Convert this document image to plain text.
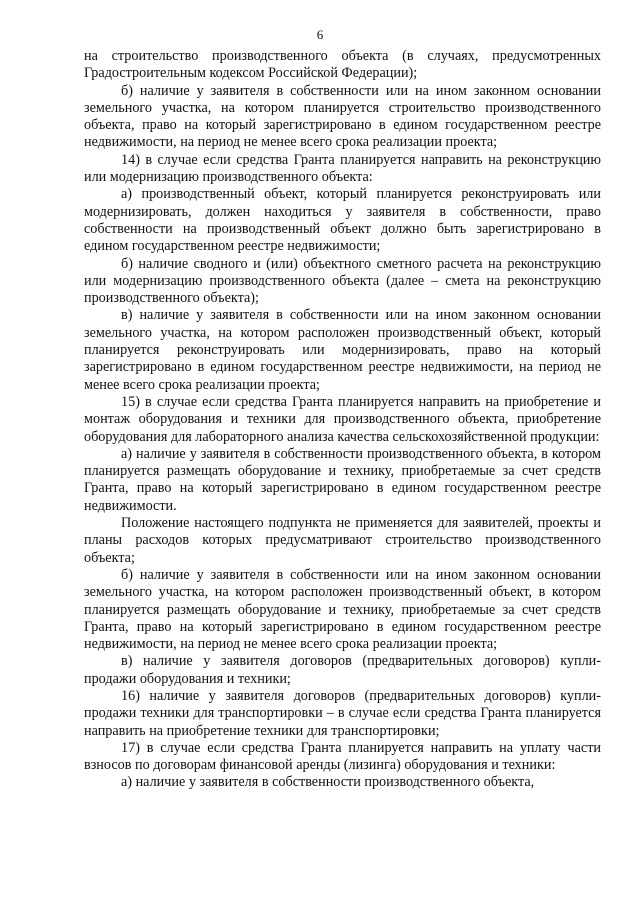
6

на строительство производственного объекта (в случаях, предусмотренных Градостроительным кодексом Российской Федерации);

б) наличие у заявителя в собственности или на ином законном основании земельного участка, на котором планируется строительство производственного объекта, право на который зарегистрировано в едином государственном реестре недвижимости, на период не менее всего срока реализации проекта;

14) в случае если средства Гранта планируется направить на реконструкцию или модернизацию производственного объекта:

а) производственный объект, который планируется реконструировать или модернизировать, должен находиться у заявителя в собственности, право собственности на производственный объект должно быть зарегистрировано в едином государственном реестре недвижимости;

б) наличие сводного и (или) объектного сметного расчета на реконструкцию или модернизацию производственного объекта (далее – смета на реконструкцию производственного объекта);

в) наличие у заявителя в собственности или на ином законном основании земельного участка, на котором расположен производственный объект, который планируется реконструировать или модернизировать, право на который зарегистрировано в едином государственном реестре недвижимости, на период не менее всего срока реализации проекта;

15) в случае если средства Гранта планируется направить на приобретение и монтаж оборудования и техники для производственного объекта, приобретение оборудования для лабораторного анализа качества сельскохозяйственной продукции:

а) наличие у заявителя в собственности производственного объекта, в котором планируется размещать оборудование и технику, приобретаемые за счет средств Гранта, право на который зарегистрировано в едином государственном реестре недвижимости.

Положение настоящего подпункта не применяется для заявителей, проекты и планы расходов которых предусматривают строительство производственного объекта;

б) наличие у заявителя в собственности или на ином законном основании земельного участка, на котором расположен производственный объект, в котором планируется размещать оборудование и технику, приобретаемые за счет средств Гранта, право на который зарегистрировано в едином государственном реестре недвижимости, на период не менее всего срока реализации проекта;

в) наличие у заявителя договоров (предварительных договоров) купли-продажи оборудования и техники;

16) наличие у заявителя договоров (предварительных договоров) купли-продажи техники для транспортировки – в случае если средства Гранта планируется направить на приобретение техники для транспортировки;

17) в случае если средства Гранта планируется направить на уплату части взносов по договорам финансовой аренды (лизинга) оборудования и техники:

а) наличие у заявителя в собственности производственного объекта,
